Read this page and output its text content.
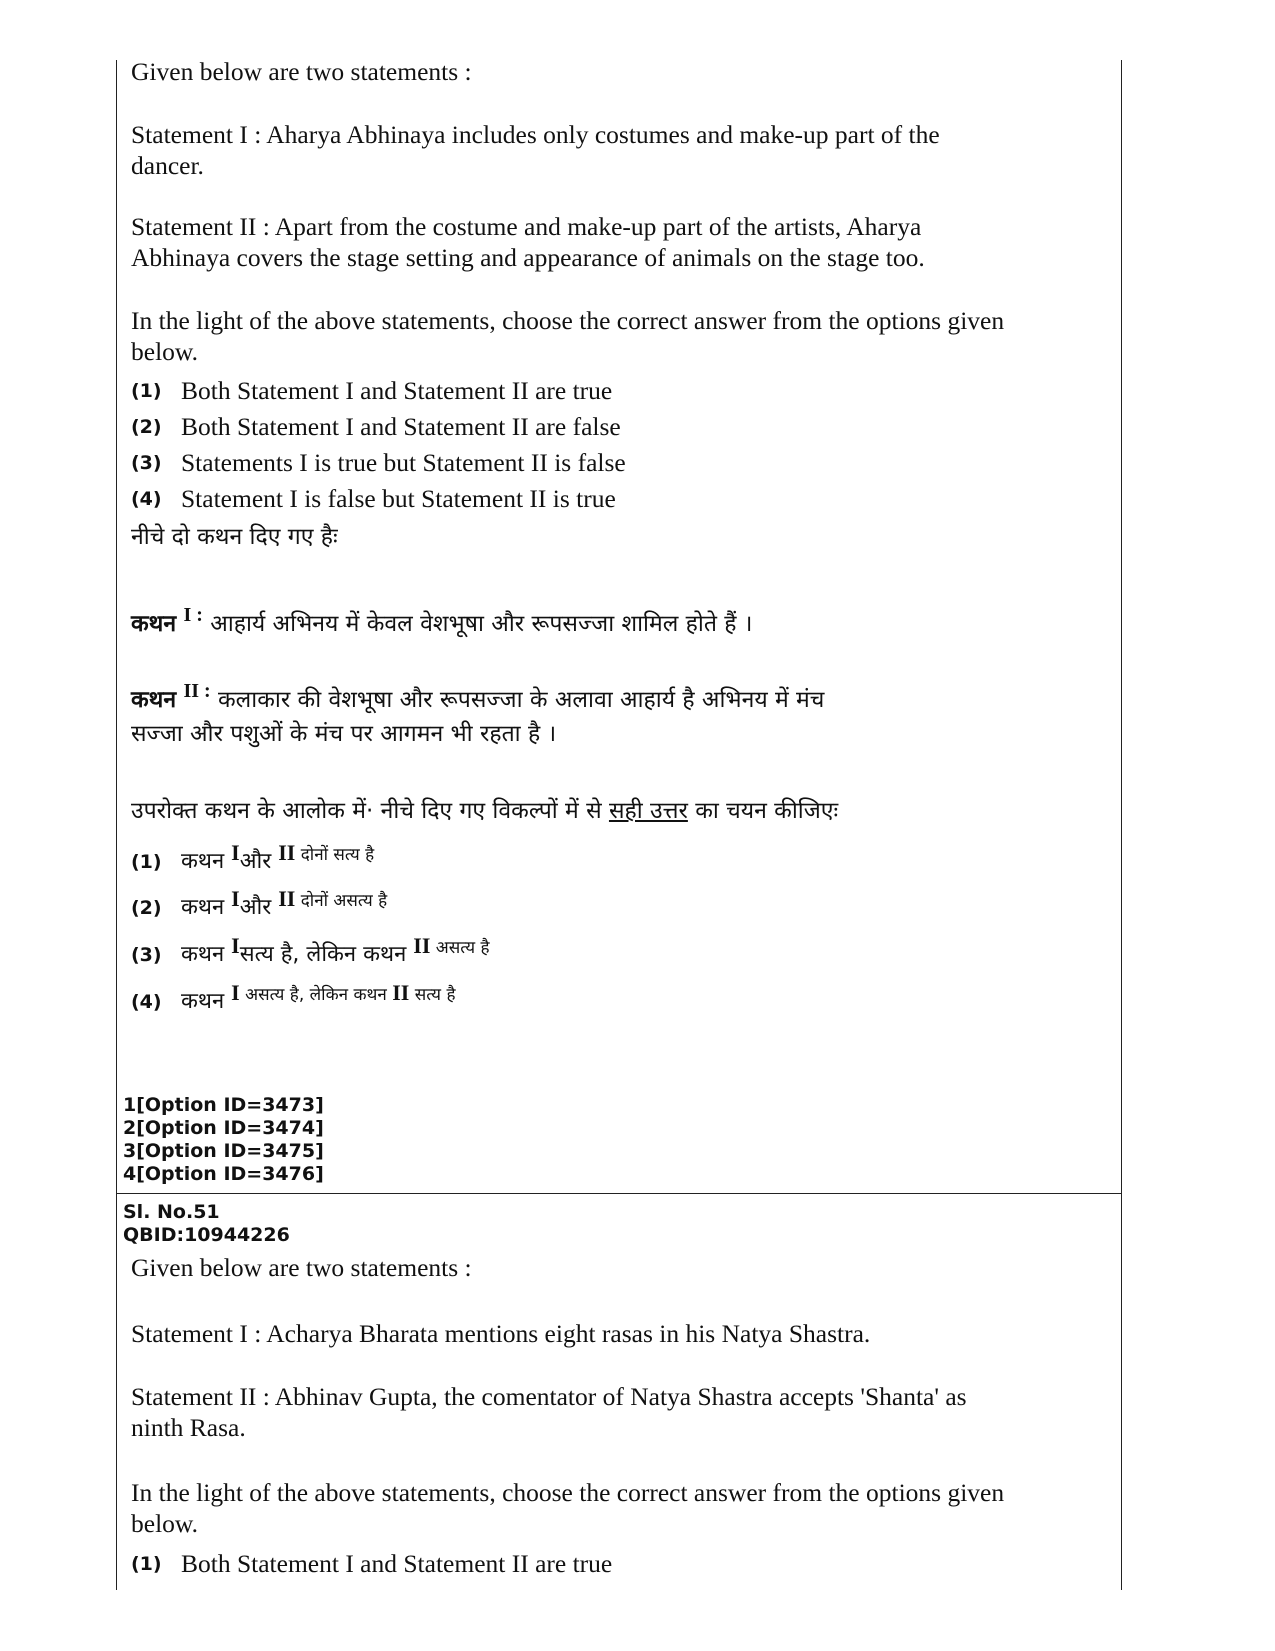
Given below are two statements :
Statement I : Aharya Abhinaya includes only costumes and make-up part of the dancer.
Statement II : Apart from the costume and make-up part of the artists, Aharya Abhinaya covers the stage setting and appearance of animals on the stage too.
In the light of the above statements, choose the correct answer from the options given below.
(1) Both Statement I and Statement II are true
(2) Both Statement I and Statement II are false
(3) Statements I is true but Statement II is false
(4) Statement I is false but Statement II is true
नीचे दो कथन दिए गए हैः
कथन I : आहार्य अभिनय में केवल वेशभूषा और रूपसज्जा शामिल होते हैं ।
कथन II : कलाकार की वेशभूषा और रूपसज्जा के अलावा आहार्य है अभिनय में मंच
सज्जा और पशुओं के मंच पर आगमन भी रहता है ।
उपरोक्त कथन के आलोक में· नीचे दिए गए विकल्पों में से सही उत्तर का चयन कीजिएः
(1) कथन Iऔर II $^{दोनों सत्य है}$
(2) कथन Iऔर II $^{दोनों असत्य है}$
(3) कथन Iसत्य है, लेकिन कथन II $^{असत्य है}$
(4) कथन I $^{असत्य है, लेकिन कथन}$ II $^{सत्य है}$
1[Option ID=3473]
2[Option ID=3474]
3[Option ID=3475]
4[Option ID=3476]
Sl. No.51
QBID:10944226
Given below are two statements :
Statement I : Acharya Bharata mentions eight rasas in his Natya Shastra.
Statement II : Abhinav Gupta, the comentator of Natya Shastra accepts 'Shanta' as ninth Rasa.
In the light of the above statements, choose the correct answer from the options given below.
(1) Both Statement I and Statement II are true
